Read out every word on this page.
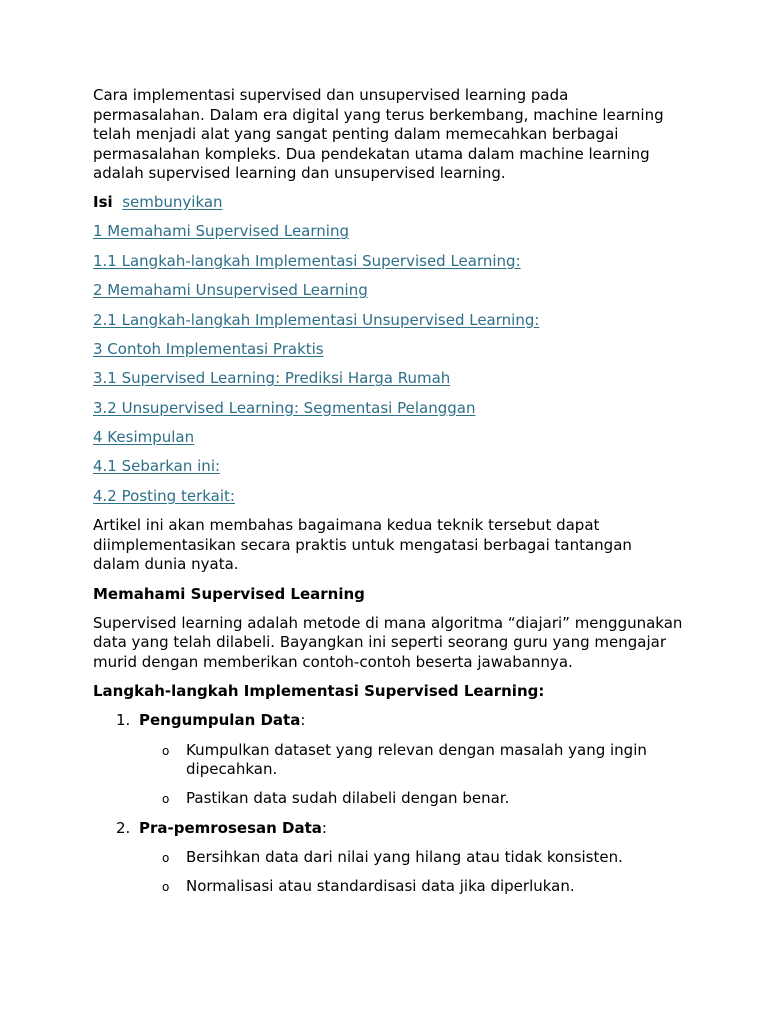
Cara implementasi supervised dan unsupervised learning pada permasalahan. Dalam era digital yang terus berkembang, machine learning telah menjadi alat yang sangat penting dalam memecahkan berbagai permasalahan kompleks. Dua pendekatan utama dalam machine learning adalah supervised learning dan unsupervised learning.

Isi sembunyikan
1 Memahami Supervised Learning
1.1 Langkah-langkah Implementasi Supervised Learning:
2 Memahami Unsupervised Learning
2.1 Langkah-langkah Implementasi Unsupervised Learning:
3 Contoh Implementasi Praktis
3.1 Supervised Learning: Prediksi Harga Rumah
3.2 Unsupervised Learning: Segmentasi Pelanggan
4 Kesimpulan
4.1 Sebarkan ini:
4.2 Posting terkait:

Artikel ini akan membahas bagaimana kedua teknik tersebut dapat diimplementasikan secara praktis untuk mengatasi berbagai tantangan dalam dunia nyata.

Memahami Supervised Learning

Supervised learning adalah metode di mana algoritma “diajari” menggunakan data yang telah dilabeli. Bayangkan ini seperti seorang guru yang mengajar murid dengan memberikan contoh-contoh beserta jawabannya.

Langkah-langkah Implementasi Supervised Learning:
1. Pengumpulan Data:
o Kumpulkan dataset yang relevan dengan masalah yang ingin dipecahkan.
o Pastikan data sudah dilabeli dengan benar.
2. Pra-pemrosesan Data:
o Bersihkan data dari nilai yang hilang atau tidak konsisten.
o Normalisasi atau standardisasi data jika diperlukan.
